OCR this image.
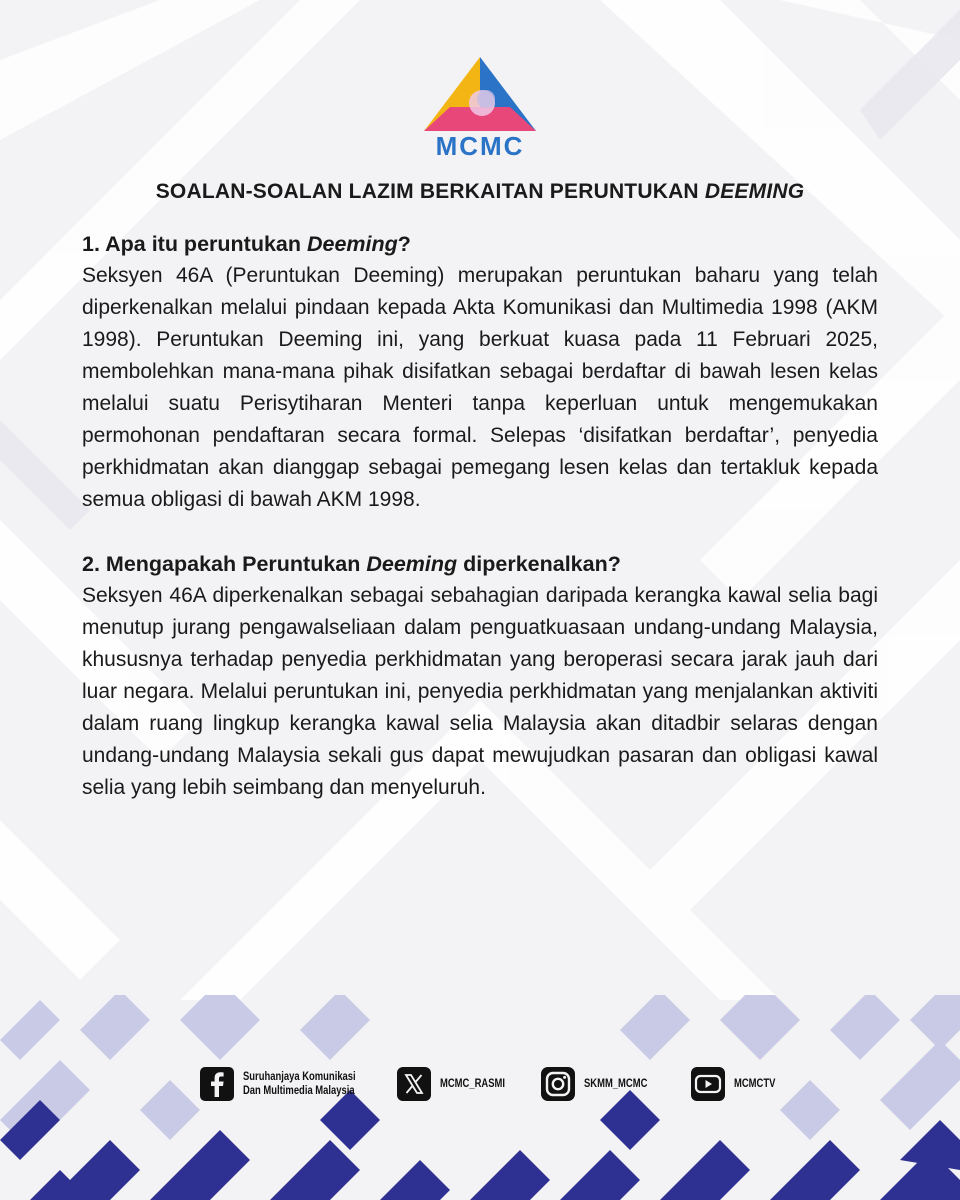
MCMC
SOALAN-SOALAN LAZIM BERKAITAN PERUNTUKAN DEEMING

1. Apa itu peruntukan Deeming?

Seksyen 46A (Peruntukan Deeming) merupakan peruntukan baharu yang telah diperkenalkan melalui pindaan kepada Akta Komunikasi dan Multimedia 1998 (AKM 1998). Peruntukan Deeming ini, yang berkuat kuasa pada 11 Februari 2025, membolehkan mana-mana pihak disifatkan sebagai berdaftar di bawah lesen kelas melalui suatu Perisytiharan Menteri tanpa keperluan untuk mengemukakan permohonan pendaftaran secara formal. Selepas ‘disifatkan berdaftar’, penyedia perkhidmatan akan dianggap sebagai pemegang lesen kelas dan tertakluk kepada semua obligasi di bawah AKM 1998.

2. Mengapakah Peruntukan Deeming diperkenalkan?

Seksyen 46A diperkenalkan sebagai sebahagian daripada kerangka kawal selia bagi menutup jurang pengawalseliaan dalam penguatkuasaan undang-undang Malaysia, khususnya terhadap penyedia perkhidmatan yang beroperasi secara jarak jauh dari luar negara. Melalui peruntukan ini, penyedia perkhidmatan yang menjalankan aktiviti dalam ruang lingkup kerangka kawal selia Malaysia akan ditadbir selaras dengan undang-undang Malaysia sekali gus dapat mewujudkan pasaran dan obligasi kawal selia yang lebih seimbang dan menyeluruh.

Suruhanjaya Komunikasi
Dan Multimedia Malaysia
MCMC_RASMI	SKMM_MCMC	MCMCTV
